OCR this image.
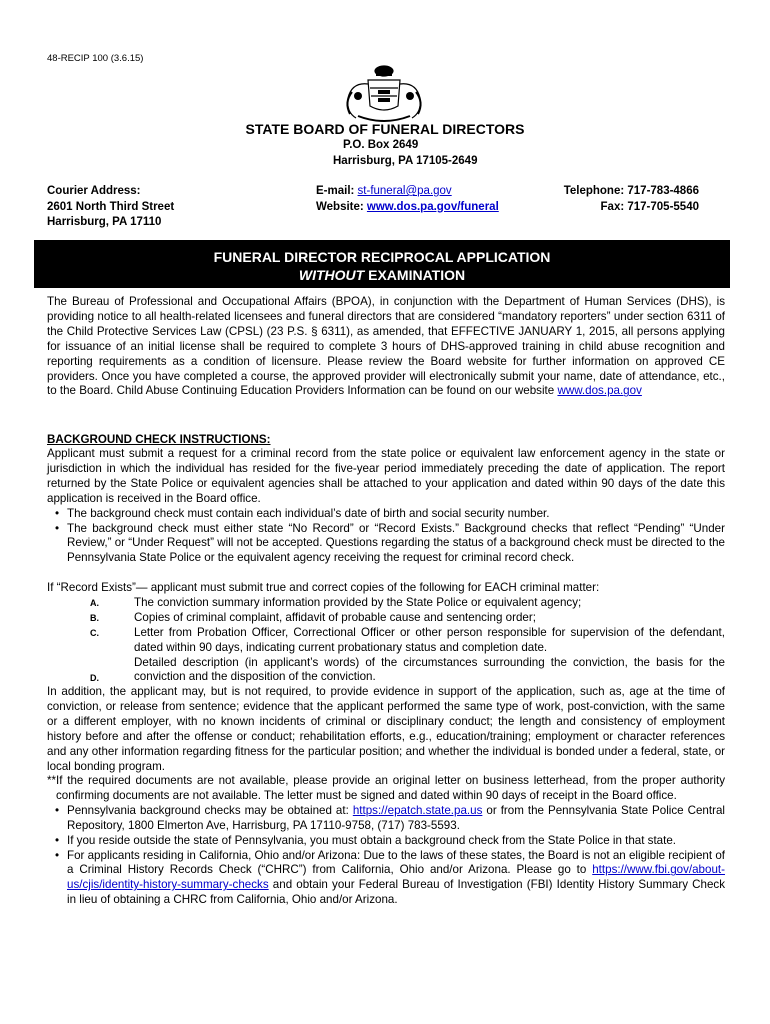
48-RECIP 100 (3.6.15)
STATE BOARD OF FUNERAL DIRECTORS
P.O. Box 2649
Harrisburg, PA 17105-2649
Courier Address:
2601 North Third Street
Harrisburg, PA 17110
E-mail: st-funeral@pa.gov
Website: www.dos.pa.gov/funeral
Telephone: 717-783-4866
Fax: 717-705-5540
FUNERAL DIRECTOR RECIPROCAL APPLICATION
WITHOUT EXAMINATION
The Bureau of Professional and Occupational Affairs (BPOA), in conjunction with the Department of Human Services (DHS), is providing notice to all health-related licensees and funeral directors that are considered “mandatory reporters” under section 6311 of the Child Protective Services Law (CPSL) (23 P.S. § 6311), as amended, that EFFECTIVE JANUARY 1, 2015, all persons applying for issuance of an initial license shall be required to complete 3 hours of DHS-approved training in child abuse recognition and reporting requirements as a condition of licensure. Please review the Board website for further information on approved CE providers. Once you have completed a course, the approved provider will electronically submit your name, date of attendance, etc., to the Board. Child Abuse Continuing Education Providers Information can be found on our website www.dos.pa.gov
BACKGROUND CHECK INSTRUCTIONS:
Applicant must submit a request for a criminal record from the state police or equivalent law enforcement agency in the state or jurisdiction in which the individual has resided for the five-year period immediately preceding the date of application. The report returned by the State Police or equivalent agencies shall be attached to your application and dated within 90 days of the date this application is received in the Board office.
• The background check must contain each individual’s date of birth and social security number.
• The background check must either state “No Record” or “Record Exists.” Background checks that reflect “Pending” “Under Review,” or “Under Request” will not be accepted. Questions regarding the status of a background check must be directed to the Pennsylvania State Police or the equivalent agency receiving the request for criminal record check.
If “Record Exists”— applicant must submit true and correct copies of the following for EACH criminal matter:
A.	The conviction summary information provided by the State Police or equivalent agency;
B.	Copies of criminal complaint, affidavit of probable cause and sentencing order;
C.	Letter from Probation Officer, Correctional Officer or other person responsible for supervision of the defendant, dated within 90 days, indicating current probationary status and completion date.
D.
Detailed description (in applicant’s words) of the circumstances surrounding the conviction, the basis for the conviction and the disposition of the conviction.
In addition, the applicant may, but is not required, to provide evidence in support of the application, such as, age at the time of conviction, or release from sentence; evidence that the applicant performed the same type of work, post-conviction, with the same or a different employer, with no known incidents of criminal or disciplinary conduct; the length and consistency of employment history before and after the offense or conduct; rehabilitation efforts, e.g., education/training; employment or character references and any other information regarding fitness for the particular position; and whether the individual is bonded under a federal, state, or local bonding program.
**If the required documents are not available, please provide an original letter on business letterhead, from the proper authority confirming documents are not available. The letter must be signed and dated within 90 days of receipt in the Board office.
• Pennsylvania background checks may be obtained at: https://epatch.state.pa.us or from the Pennsylvania State Police Central Repository, 1800 Elmerton Ave, Harrisburg, PA 17110-9758, (717) 783-5593.
• If you reside outside the state of Pennsylvania, you must obtain a background check from the State Police in that state.
• For applicants residing in California, Ohio and/or Arizona: Due to the laws of these states, the Board is not an eligible recipient of a Criminal History Records Check (“CHRC”) from California, Ohio and/or Arizona. Please go to https://www.fbi.gov/about-us/cjis/identity-history-summary-checks and obtain your Federal Bureau of Investigation (FBI) Identity History Summary Check in lieu of obtaining a CHRC from California, Ohio and/or Arizona.
